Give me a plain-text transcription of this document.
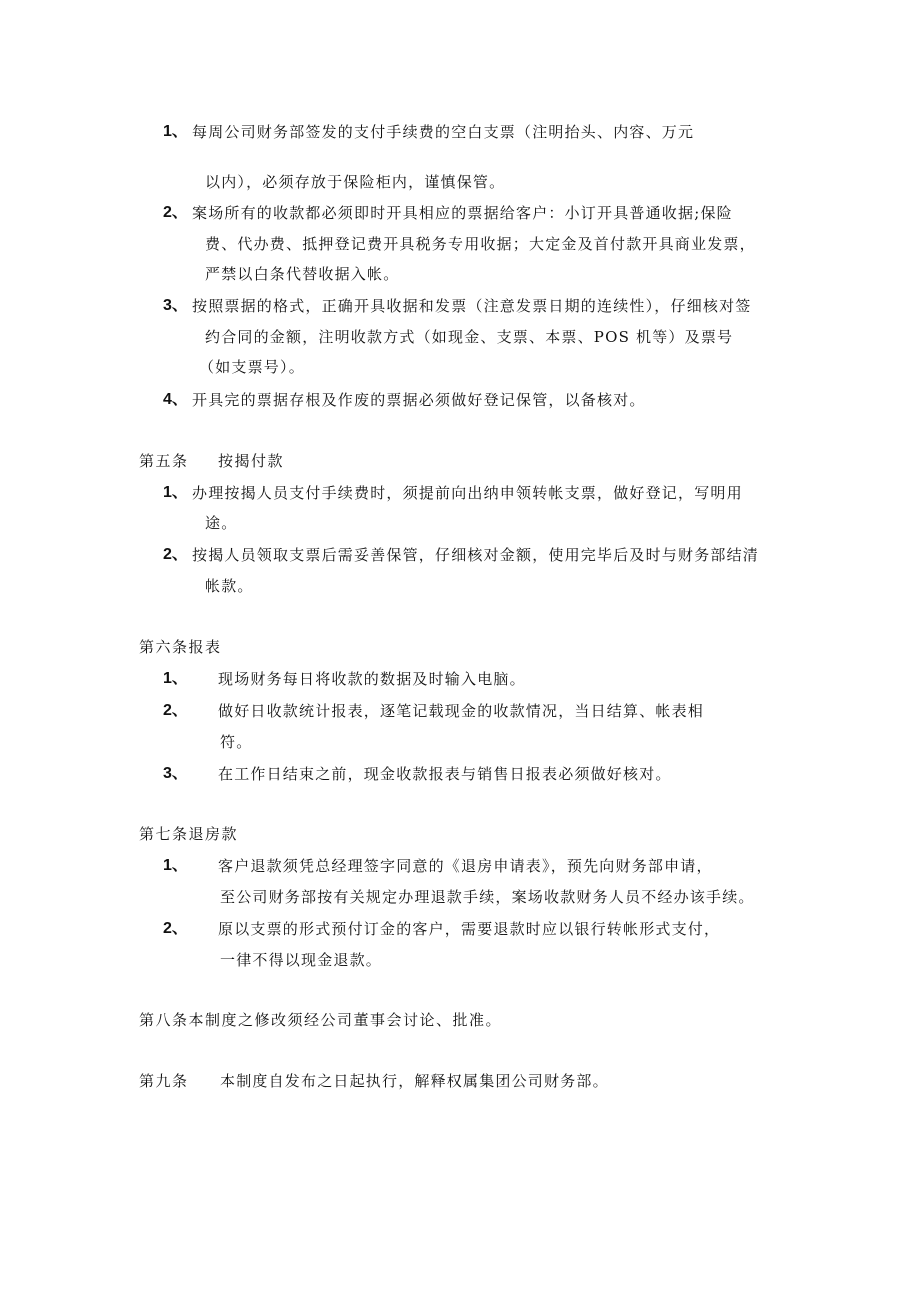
1、 每周公司财务部签发的支付手续费的空白支票（注明抬头、内容、万元
以内），必须存放于保险柜内，谨慎保管。
2、 案场所有的收款都必须即时开具相应的票据给客户：小订开具普通收据;保险
费、代办费、抵押登记费开具税务专用收据；大定金及首付款开具商业发票，
严禁以白条代替收据入帐。
3、 按照票据的格式，正确开具收据和发票（注意发票日期的连续性），仔细核对签
约合同的金额，注明收款方式（如现金、支票、本票、POS 机等）及票号
（如支票号）。
4、 开具完的票据存根及作废的票据必须做好登记保管，以备核对。
第五条 按揭付款
1、 办理按揭人员支付手续费时，须提前向出纳申领转帐支票，做好登记，写明用
途。
2、 按揭人员领取支票后需妥善保管，仔细核对金额，使用完毕后及时与财务部结清
帐款。
第六条报表
1、 现场财务每日将收款的数据及时输入电脑。
2、 做好日收款统计报表，逐笔记载现金的收款情况，当日结算、帐表相
符。
3、 在工作日结束之前，现金收款报表与销售日报表必须做好核对。
第七条退房款
1、 客户退款须凭总经理签字同意的《退房申请表》，预先向财务部申请，
至公司财务部按有关规定办理退款手续，案场收款财务人员不经办该手续。
2、 原以支票的形式预付订金的客户，需要退款时应以银行转帐形式支付，
一律不得以现金退款。
第八条本制度之修改须经公司董事会讨论、批准。
第九条 本制度自发布之日起执行，解释权属集团公司财务部。
